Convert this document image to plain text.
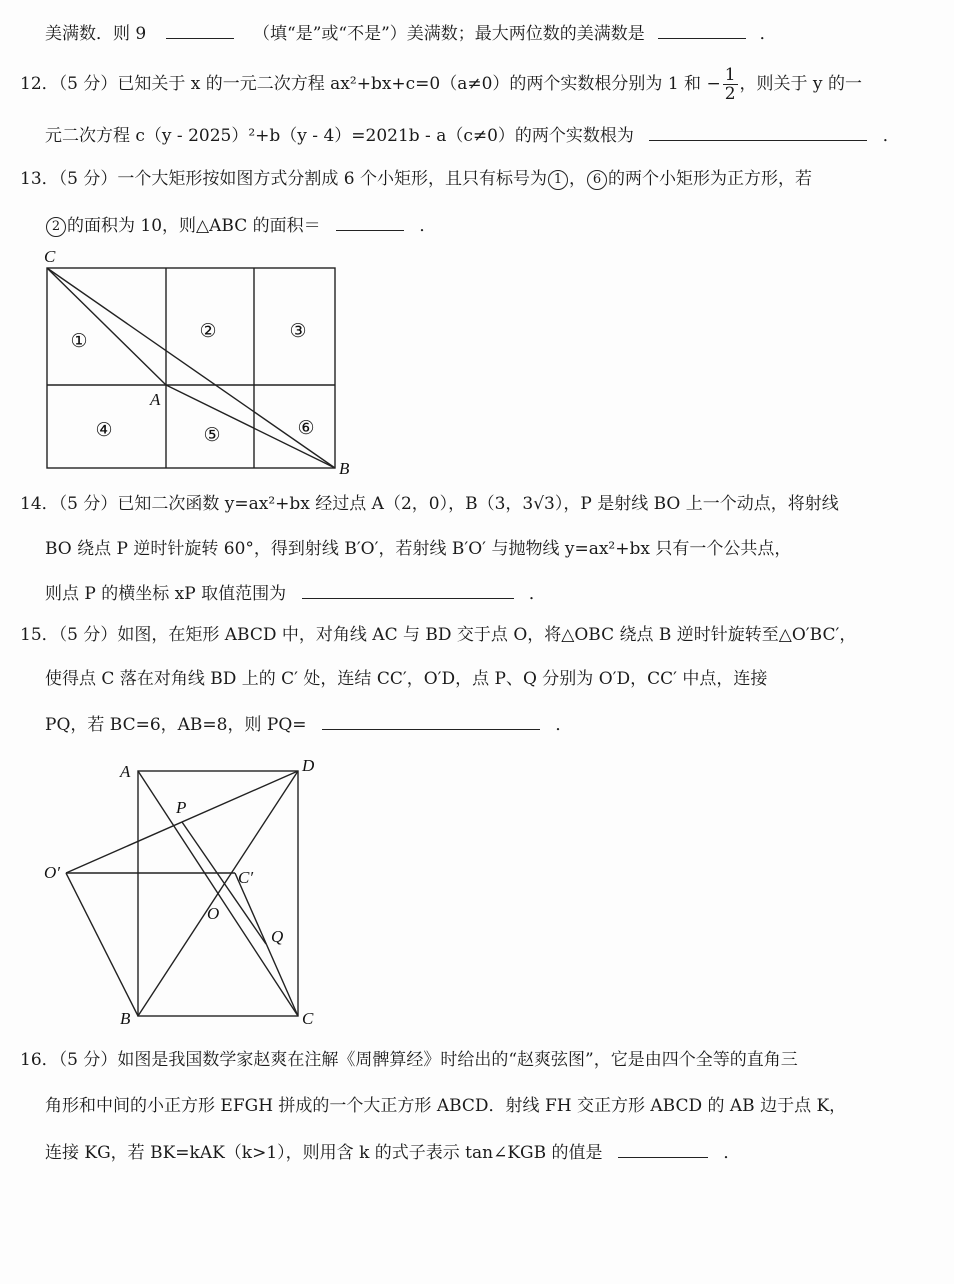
美满数．则 9	（填“是”或“不是”）美满数；最大两位数的美满数是	．
12．（5 分）已知关于 x 的一元二次方程 ax²+bx+c=0（a≠0）的两个实数根分别为 1 和 − $\frac{1}{2}$ ，则关于 y 的一
元二次方程 c（y - 2025）²+b（y - 4）=2021b - a（c≠0）的两个实数根为	．
13．（5 分）一个大矩形按如图方式分割成 6 个小矩形，且只有标号为 1 ， 6 的两个小矩形为正方形，若
2 的面积为 10，则△ABC 的面积＝	．
C
A
B
①	②	③
④	⑤	⑥
14．（5 分）已知二次函数 y=ax²+bx 经过点 A（2，0），B（3，3√3），P 是射线 BO 上一个动点，将射线
BO 绕点 P 逆时针旋转 60°，得到射线 B′O′，若射线 B′O′ 与抛物线 y=ax²+bx 只有一个公共点，
则点 P 的横坐标 xP 取值范围为	．
15．（5 分）如图，在矩形 ABCD 中，对角线 AC 与 BD 交于点 O，将△OBC 绕点 B 逆时针旋转至△O′BC′，
使得点 C 落在对角线 BD 上的 C′ 处，连结 CC′，O′D，点 P、Q 分别为 O′D，CC′ 中点，连接
PQ，若 BC=6，AB=8，则 PQ=	．
A	D
P
O′	C′
O
Q
B	C
16．（5 分）如图是我国数学家赵爽在注解《周髀算经》时给出的“赵爽弦图”，它是由四个全等的直角三
角形和中间的小正方形 EFGH 拼成的一个大正方形 ABCD．射线 FH 交正方形 ABCD 的 AB 边于点 K，
连接 KG，若 BK=kAK（k>1），则用含 k 的式子表示 tan∠KGB 的值是	．
